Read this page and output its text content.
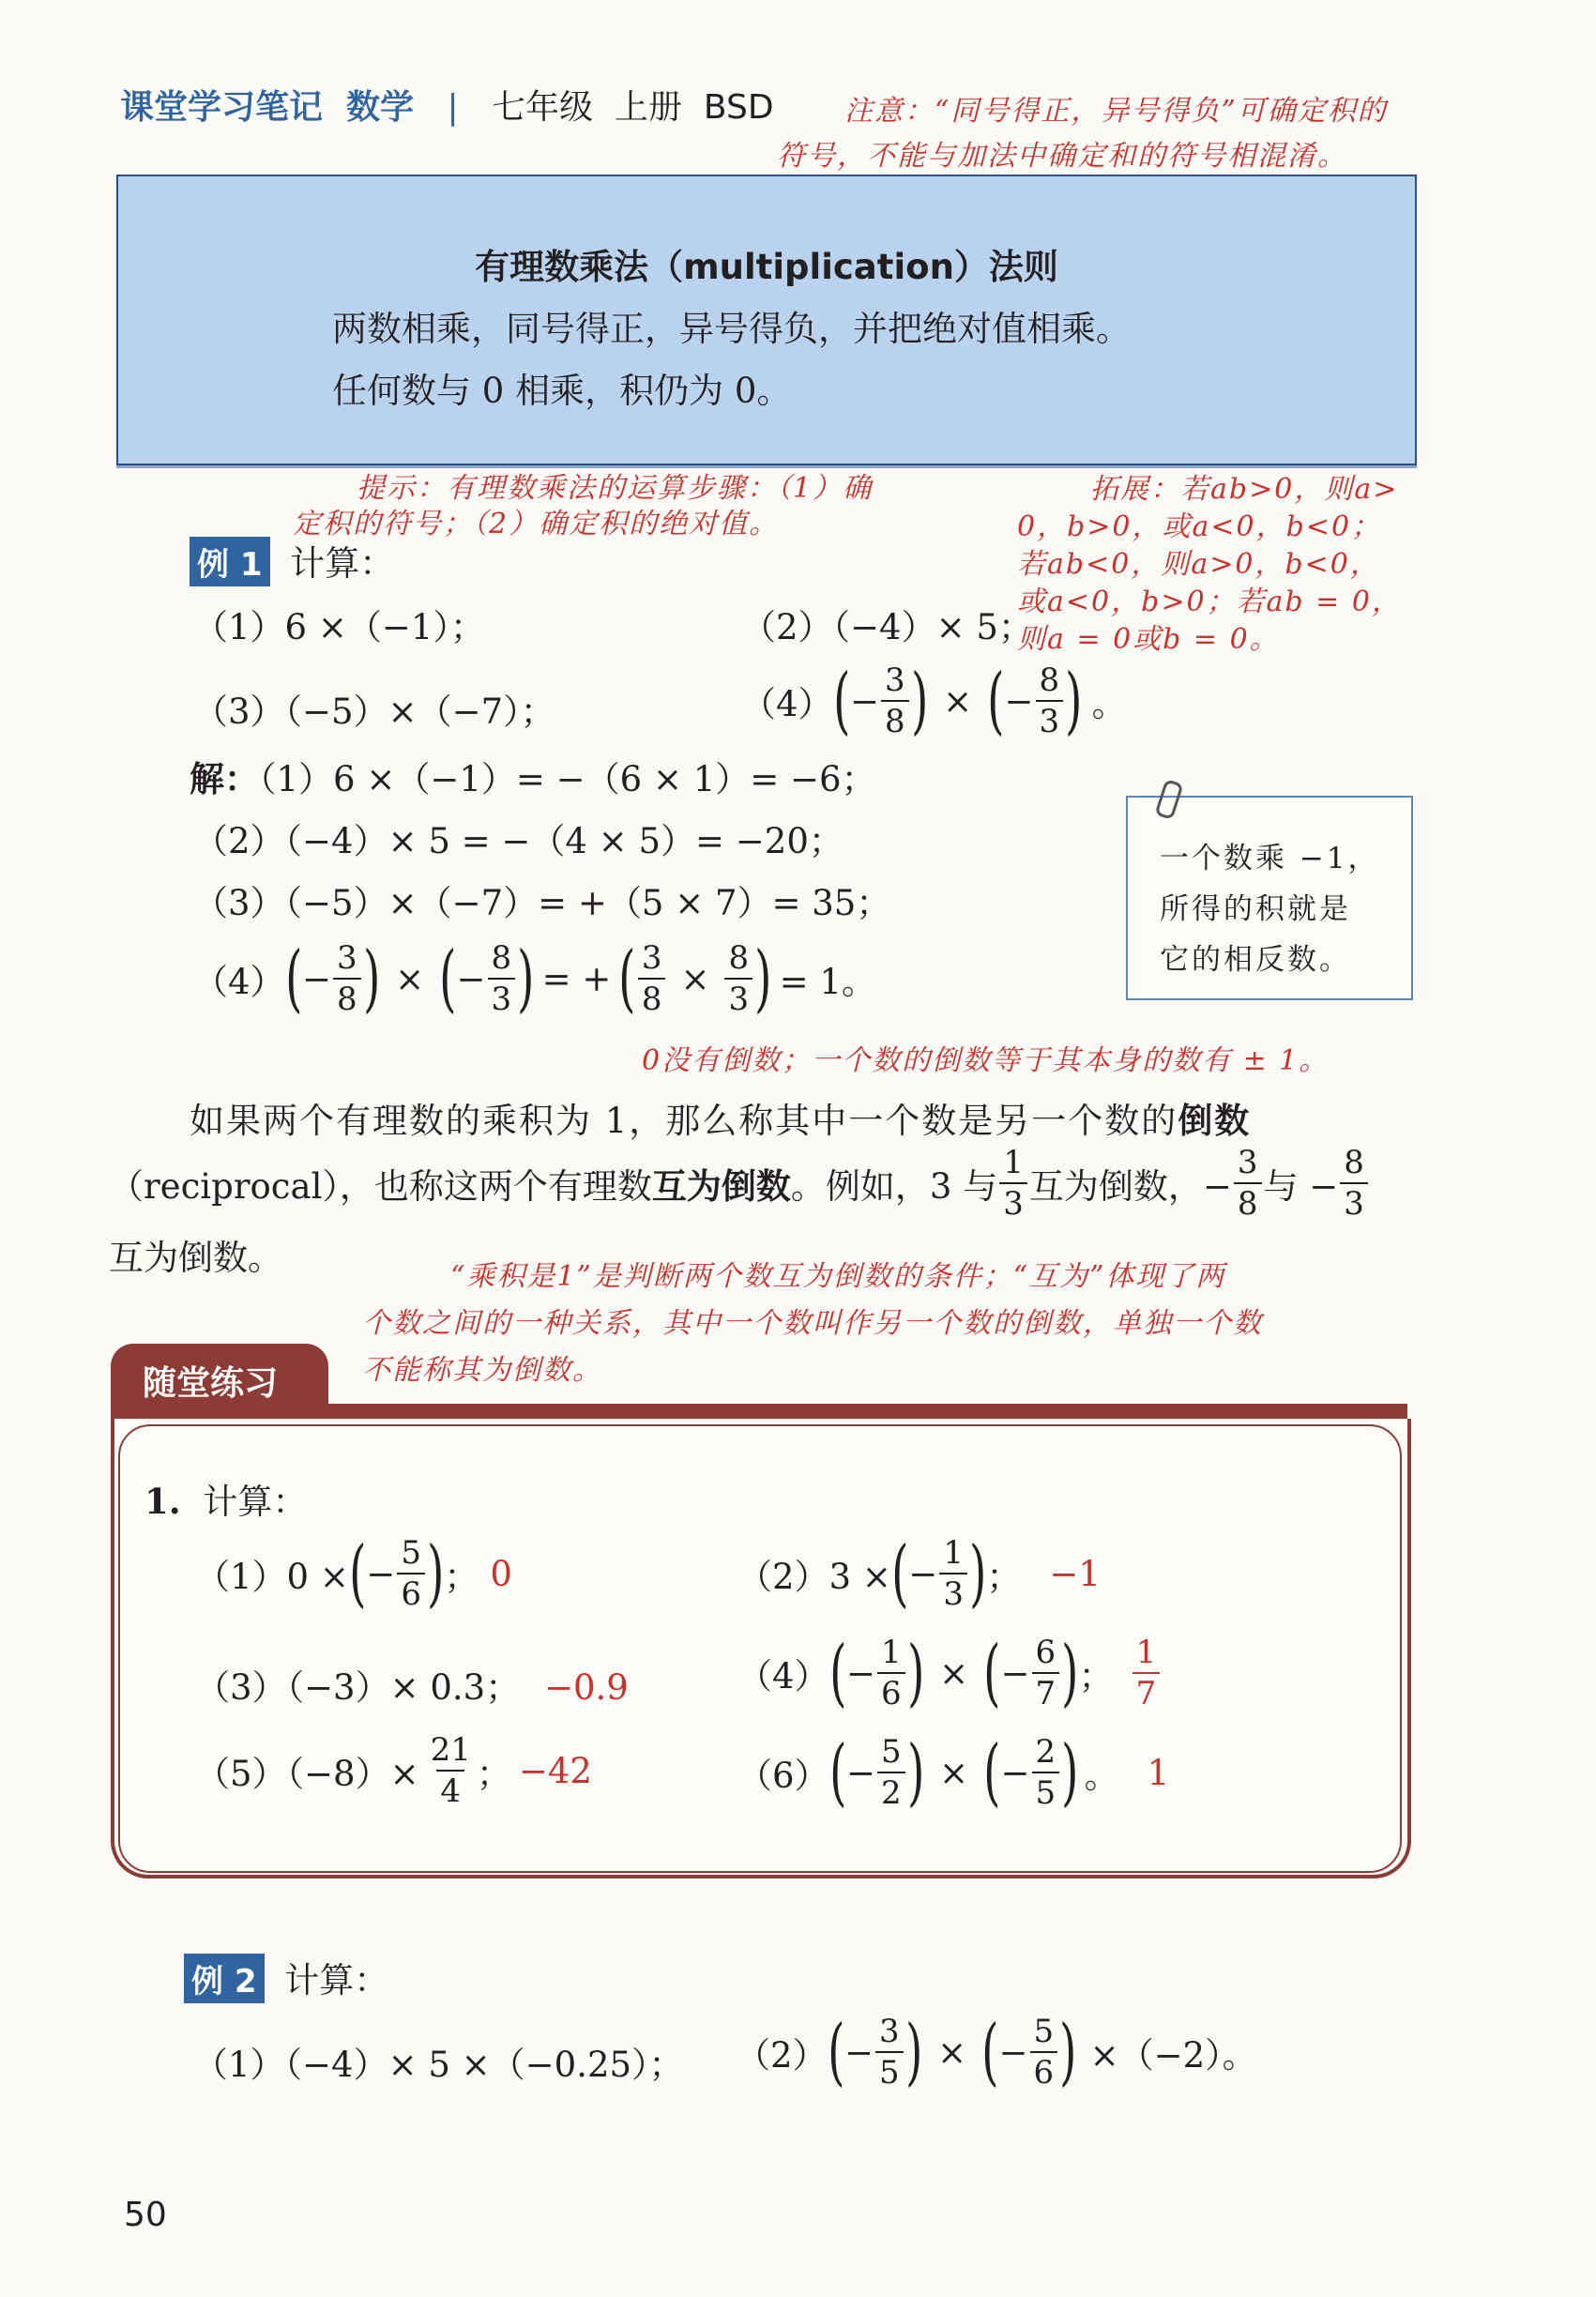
课堂学习笔记  数学 | 七年级  上册  BSD	注意：“同号得正，异号得负”可确定积的
符号，不能与加法中确定和的符号相混淆。
有理数乘法（multiplication）法则
两数相乘，同号得正，异号得负，并把绝对值相乘。
任何数与 0 相乘，积仍为 0。
提示：有理数乘法的运算步骤：（1）确
定积的符号；（2）确定积的绝对值。
拓展：若ab>0，则a>
0，b>0，或a<0，b<0；
若ab<0，则a>0，b<0，
或a<0，b>0；若ab = 0，
则a = 0或b = 0。
例 1 计算：
（1）6 ×（−1）；	（2）（−4）× 5；
（3）（−5）×（−7）；	（4） ( − $\frac{3}{8}$ ) × ( − $\frac{8}{3}$ ) 。
解：（1）6 ×（−1）= −（6 × 1）= −6；
（2）（−4）× 5 = −（4 × 5）= −20；
（3）（−5）×（−7）= +（5 × 7）= 35；
（4） ( − $\frac{3}{8}$ ) × ( − $\frac{8}{3}$ ) = + ( $\frac{3}{8} \times \frac{8}{3}$ ) = 1。
一个数乘 −1，
所得的积就是
它的相反数。
0没有倒数；一个数的倒数等于其本身的数有 ± 1。
如果两个有理数的乘积为 1，那么称其中一个数是另一个数的倒数
（reciprocal），也称这两个有理数 互为倒数 。例如，3 与 $\frac{1}{3}$ 互为倒数，− $\frac{3}{8}$ 与 − $\frac{8}{3}$
互为倒数。	“乘积是1”是判断两个数互为倒数的条件；“互为”体现了两
个数之间的一种关系，其中一个数叫作另一个数的倒数，单独一个数
不能称其为倒数。
随堂练习
1. 计算：
（1）0 × ( − $\frac{5}{6}$ ) ； 0	（2）3 × ( − $\frac{1}{3}$ ) ； −1
（3）（−3）× 0.3； −0.9	（4） ( − $\frac{1}{6}$ ) × ( − $\frac{6}{7}$ ) ； $\frac{1}{7}$
$(5)(-8)\times \frac{21}{4}$ ； −42	（6） ( − $\frac{5}{2}$ ) × ( − $\frac{2}{5}$ ) 。 1
例 2 计算：
（1）（−4）× 5 ×（−0.25）； （2） ( − $\frac{3}{5}$ ) × ( − $\frac{5}{6}$ ) ×（−2）。
50
